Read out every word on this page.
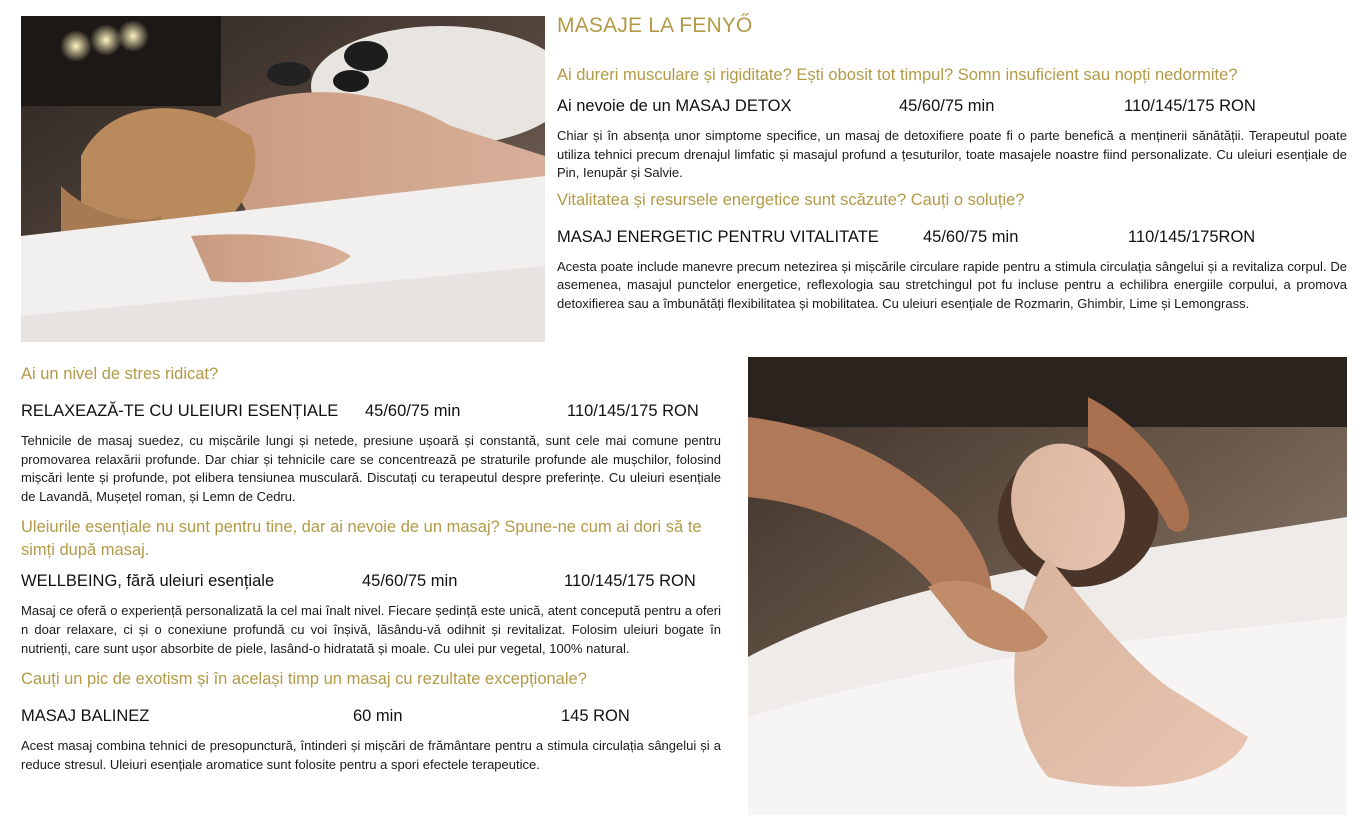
MASAJE LA FENYŐ
Ai dureri musculare și rigiditate? Ești obosit tot timpul? Somn insuficient sau nopți nedormite?
Ai nevoie de un MASAJ DETOX	45/60/75 min	110/145/175 RON

Chiar și în absența unor simptome specifice, un masaj de detoxifiere poate fi o parte benefică a menținerii sănătății. Terapeutul poate utiliza tehnici precum drenajul limfatic și masajul profund a țesuturilor, toate masajele noastre fiind personalizate. Cu uleiuri esențiale de Pin, Ienupăr și Salvie.

Vitalitatea și resursele energetice sunt scăzute? Cauți o soluție?
MASAJ ENERGETIC PENTRU VITALITATE	45/60/75 min	110/145/175RON

Acesta poate include manevre precum netezirea și mișcările circulare rapide pentru a stimula circulația sângelui și a revitaliza corpul. De asemenea, masajul punctelor energetice, reflexologia sau stretchingul pot fu incluse pentru a echilibra energiile corpului, a promova detoxifierea sau a îmbunătăți flexibilitatea și mobilitatea. Cu uleiuri esențiale de Rozmarin, Ghimbir, Lime și Lemongrass.

Ai un nivel de stres ridicat?
RELAXEAZĂ-TE CU ULEIURI ESENȚIALE	45/60/75 min	110/145/175 RON

Tehnicile de masaj suedez, cu mișcările lungi și netede, presiune ușoară și constantă, sunt cele mai comune pentru promovarea relaxării profunde. Dar chiar și tehnicile care se concentrează pe straturile profunde ale mușchilor, folosind mișcări lente și profunde, pot elibera tensiunea musculară. Discutați cu terapeutul despre preferințe. Cu uleiuri esențiale de Lavandă, Mușețel roman, și Lemn de Cedru.

Uleiurile esențiale nu sunt pentru tine, dar ai nevoie de un masaj? Spune-ne cum ai dori să te simți după masaj.
WELLBEING, fără uleiuri esențiale	45/60/75 min	110/145/175 RON

Masaj ce oferă o experiență personalizată la cel mai înalt nivel. Fiecare ședință este unică, atent concepută pentru a oferi n doar relaxare, ci și o conexiune profundă cu voi înșivă, lăsându-vă odihnit și revitalizat. Folosim uleiuri bogate în nutrienți, care sunt ușor absorbite de piele, lasând-o hidratată și moale. Cu ulei pur vegetal, 100% natural.

Cauți un pic de exotism și în același timp un masaj cu rezultate excepționale?
MASAJ BALINEZ	60 min	145 RON

Acest masaj combina tehnici de presopunctură, întinderi și mișcări de frământare pentru a stimula circulația sângelui și a reduce stresul. Uleiuri esențiale aromatice sunt folosite pentru a spori efectele terapeutice.
